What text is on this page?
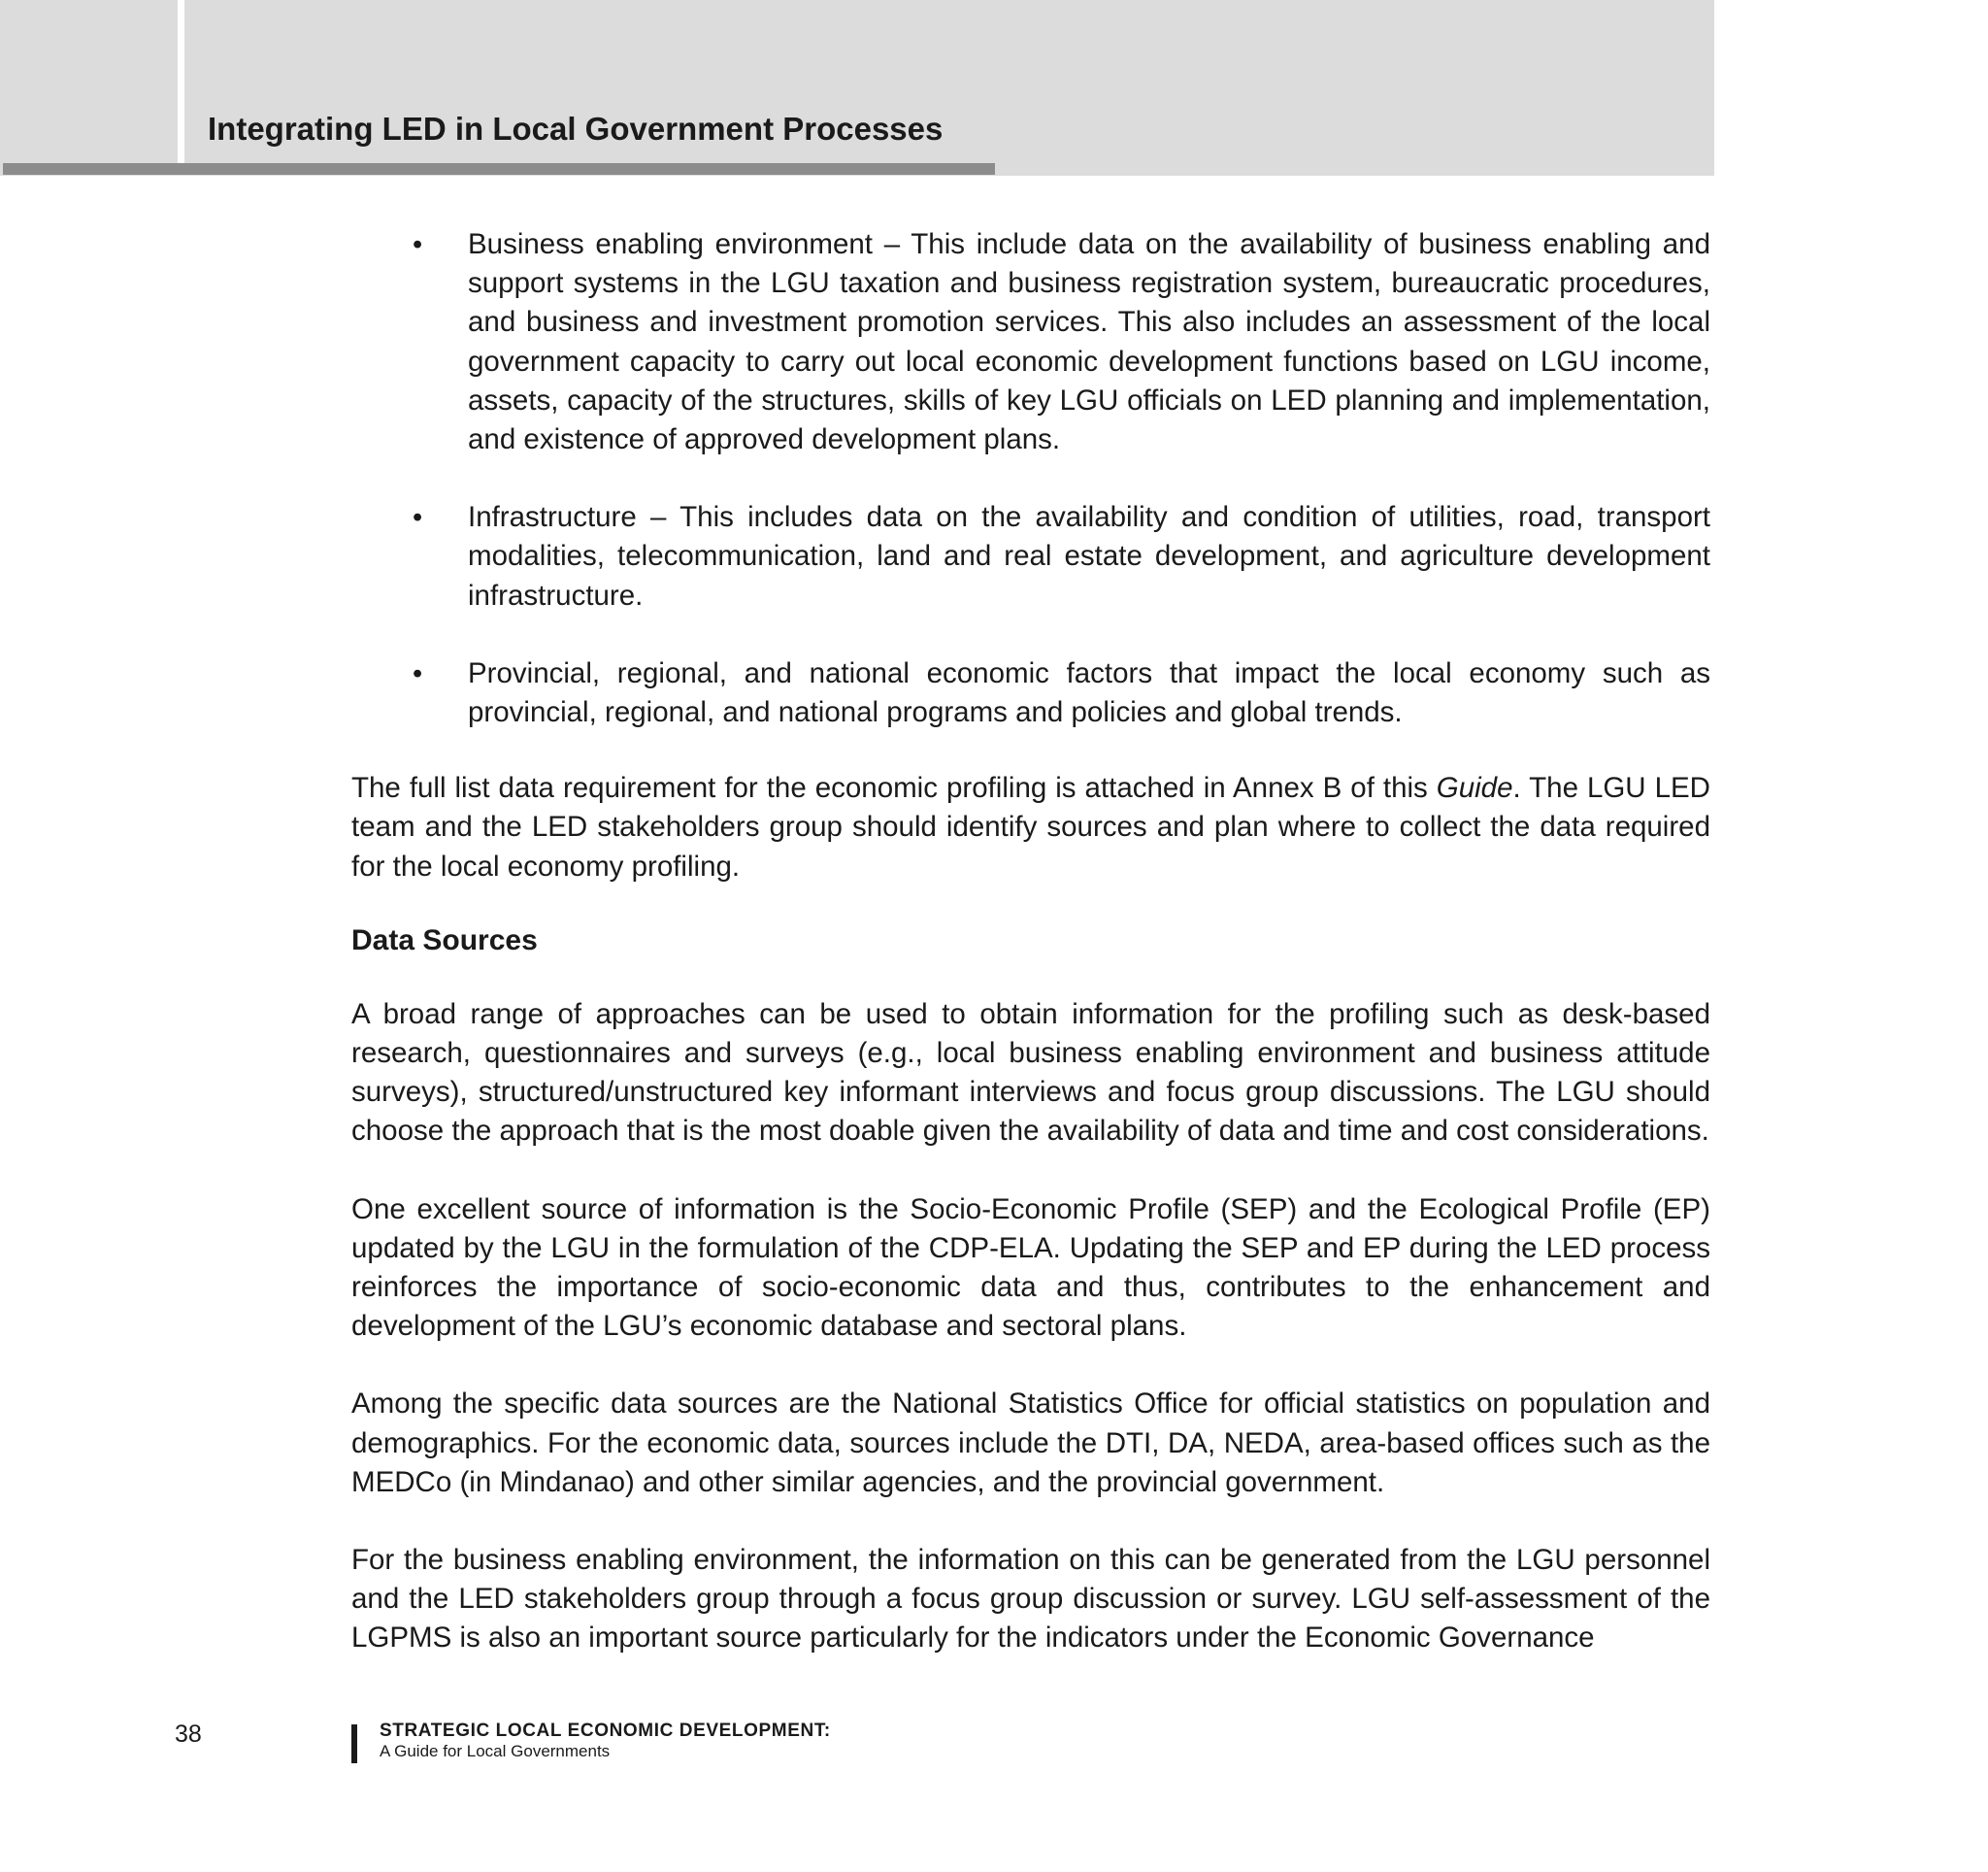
Integrating LED in Local Government Processes
• Business enabling environment – This include data on the availability of business enabling and support systems in the LGU taxation and business registration system, bureaucratic procedures, and business and investment promotion services. This also includes an assessment of the local government capacity to carry out local economic development functions based on LGU income, assets, capacity of the structures, skills of key LGU officials on LED planning and implementation, and existence of approved development plans.

• Infrastructure – This includes data on the availability and condition of utilities, road, transport modalities, telecommunication, land and real estate development, and agriculture development infrastructure.

• Provincial, regional, and national economic factors that impact the local economy such as provincial, regional, and national programs and policies and global trends.

The full list data requirement for the economic profiling is attached in Annex B of this Guide. The LGU LED team and the LED stakeholders group should identify sources and plan where to collect the data required for the local economy profiling.

Data Sources

A broad range of approaches can be used to obtain information for the profiling such as desk-based research, questionnaires and surveys (e.g., local business enabling environment and business attitude surveys), structured/unstructured key informant interviews and focus group discussions. The LGU should choose the approach that is the most doable given the availability of data and time and cost considerations.

One excellent source of information is the Socio-Economic Profile (SEP) and the Ecological Profile (EP) updated by the LGU in the formulation of the CDP-ELA. Updating the SEP and EP during the LED process reinforces the importance of socio-economic data and thus, contributes to the enhancement and development of the LGU’s economic database and sectoral plans.

Among the specific data sources are the National Statistics Office for official statistics on population and demographics. For the economic data, sources include the DTI, DA, NEDA, area-based offices such as the MEDCo (in Mindanao) and other similar agencies, and the provincial government.

For the business enabling environment, the information on this can be generated from the LGU personnel and the LED stakeholders group through a focus group discussion or survey. LGU self-assessment of the LGPMS is also an important source particularly for the indicators under the Economic Governance

38	STRATEGIC LOCAL ECONOMIC DEVELOPMENT:
A Guide for Local Governments
